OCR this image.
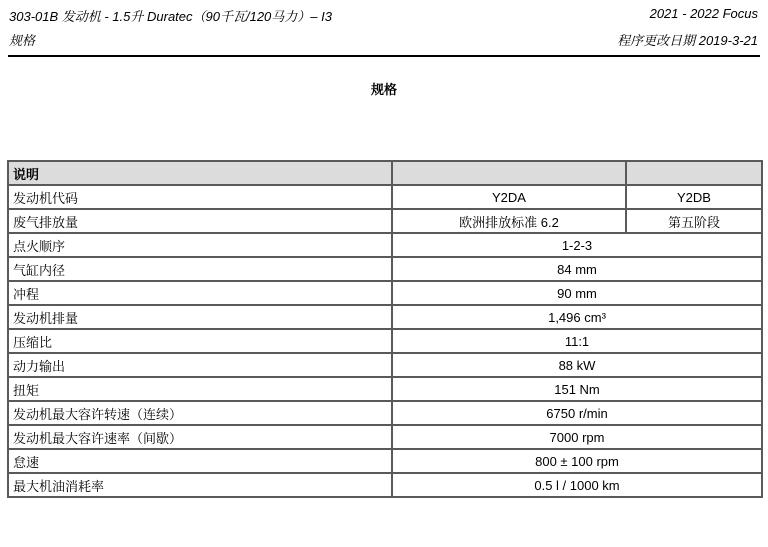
303-01B 发动机 - 1.5升 Duratec（90千瓦/120马力）– I3
规格
2021 - 2022 Focus
程序更改日期 2019-3-21
规格
说明		
发动机代码	Y2DA	Y2DB
废气排放量	欧洲排放标准 6.2	第五阶段
点火顺序	1-2-3	
气缸内径	84 mm	
冲程	90 mm	
发动机排量	1,496 cm³	
压缩比	11:1	
动力输出	88 kW	
扭矩	151 Nm	
发动机最大容许转速（连续）	6750 r/min	
发动机最大容许速率（间歇）	7000 rpm	
怠速	800 ± 100 rpm	
最大机油消耗率	0.5 l / 1000 km	
